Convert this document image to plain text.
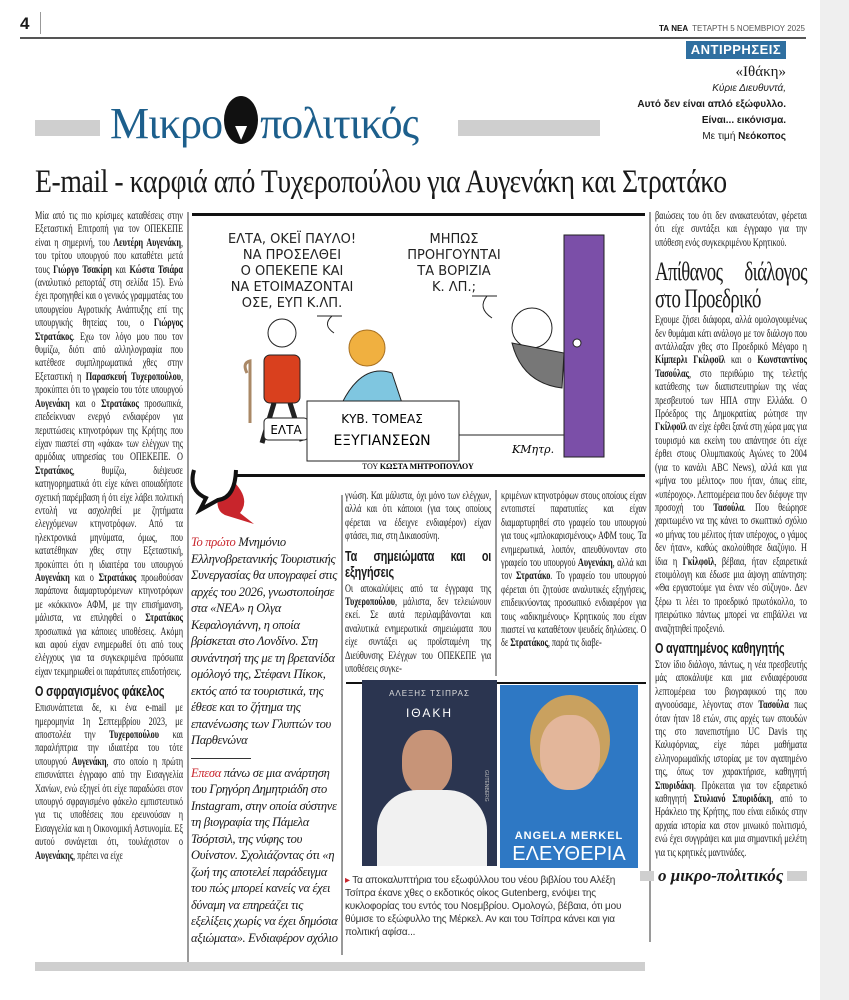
4	ΤΑ ΝΕΑ ΤΕΤΑΡΤΗ 5 ΝΟΕΜΒΡΙΟΥ 2025
ΑΝΤΙΡΡΗΣΕΙΣ
«Ιθάκη»
Κύριε Διευθυντά,
Αυτό δεν είναι απλό εξώφυλλο.
Είναι... εικόνισμα.
Με τιμή Νεόκοπος
Μικρο πολιτικός
E-mail - καρφιά από Τυχεροπούλου για Αυγενάκη και Στρατάκο

Μία από τις πιο κρίσιμες καταθέσεις στην Εξεταστική Επιτροπή για τον ΟΠΕΚΕΠΕ είναι η σημερινή, του Λευτέρη Αυγενάκη, του τρίτου υπουργού που καταθέτει μετά τους Γιώργο Τσακίρη και Κώστα Τσιάρα (αναλυτικό ρεπορτάζ στη σελίδα 15). Ενώ έχει προηγηθεί και ο γενικός γραμματέας του υπουργείου Αγροτικής Ανάπτυξης επί της υπουργικής θητείας του, ο Γιώργος Στρατάκος. Εχω τον λόγο μου που τον θυμίζω, διότι από αλληλογραφία που κατέθεσε συμπληρωματικά χθες στην Εξεταστική η Παρασκευή Τυχεροπούλου, προκύπτει ότι το γραφείο του τότε υπουργού Αυγενάκη και ο Στρατάκος προσωπικά, επεδείκνυαν ενεργό ενδιαφέρον για περιπτώσεις κτηνοτρόφων της Κρήτης που είχαν πιαστεί στη «φάκα» των ελέγχων της αρμόδιας υπηρεσίας του ΟΠΕΚΕΠΕ. Ο Στρατάκος, θυμίζω, διέψευσε κατηγορηματικά ότι είχε κάνει οποιαδήποτε σχετική παρέμβαση ή ότι είχε λάβει πολιτική εντολή να ασχοληθεί με ζητήματα ελεγχόμενων κτηνοτρόφων. Από τα ηλεκτρονικά μηνύματα, όμως, που κατατέθηκαν χθες στην Εξεταστική, προκύπτει ότι η ιδιαιτέρα του υπουργού Αυγενάκη και ο Στρατάκος προωθούσαν παράπονα διαμαρτυρόμενων κτηνοτρόφων με «κόκκινο» ΑΦΜ, με την επισήμανση, μάλιστα, να επιληφθεί ο Στρατάκος προσωπικά για κάποιες υποθέσεις. Ακόμη και αφού είχαν ενημερωθεί ότι από τους ελέγχους για τα συγκεκριμένα πρόσωπα είχαν τεκμηριωθεί οι παράτυπες επιδοτήσεις.

Ο σφραγισμένος φάκελος

Επισυνάπτεται δε, κι ένα e-mail με ημερομηνία 1η Σεπτεμβρίου 2023, με αποστολέα την Τυχεροπούλου και παραλήπτρια την ιδιαιτέρα του τότε υπουργού Αυγενάκη, στο οποίο η πρώτη επισυνάπτει έγγραφο από την Εισαγγελία Χανίων, ενώ εξηγεί ότι είχε παραδώσει στον υπουργό σφραγισμένο φάκελο εμπιστευτικό για τις υποθέσεις που ερευνούσαν η Εισαγγελία και η Οικονομική Αστυνομία. Εξ αυτού συνάγεται ότι, τουλάχιστον ο Αυγενάκης, πρέπει να είχε

ΕΛΤΑ, ΟΚΕΪ ΠΑΥΛΟ!
ΝΑ ΠΡΟΣΕΛΘΕΙ
Ο ΟΠΕΚΕΠΕ ΚΑΙ
ΝΑ ΕΤΟΙΜΑΖΟΝΤΑΙ
ΟΣΕ, ΕΥΠ Κ.ΛΠ.
ΜΗΠΩΣ
ΠΡΟΗΓΟΥΝΤΑΙ
ΤΑ ΒΟΡΙΖΙΑ
Κ. ΛΠ.;
ΕΛΤΑ
ΚΥΒ. ΤΟΜΕΑΣ
ΕΞΥΓΙΑΝΣΕΩΝ
ΚΜητρ.
ΤΟΥ ΚΩΣΤΑ ΜΗΤΡΟΠΟΥΛΟΥ
Το πρώτο Μνημόνιο Ελληνοβρετανικής Τουριστικής Συνεργασίας θα υπογραφεί στις αρχές του 2026, γνωστοποίησε στα «ΝΕΑ» η Ολγα Κεφαλογιάννη, η οποία βρίσκεται στο Λονδίνο. Στη συνάντησή της με τη βρετανίδα ομόλογό της, Στέφανι Πίκοκ, εκτός από τα τουριστικά, της έθεσε και το ζήτημα της επανένωσης των Γλυπτών του Παρθενώνα
Επεσα πάνω σε μια ανάρτηση του Γρηγόρη Δημητριάδη στο Instagram, στην οποία σύστηνε τη βιογραφία της Πάμελα Τσόρτσιλ, της νύφης του Ουίνστον. Σχολιάζοντας ότι «η ζωή της αποτελεί παράδειγμα του πώς μπορεί κανείς να έχει δύναμη να επηρεάζει τις εξελίξεις χωρίς να έχει δημόσια αξιώματα». Ενδιαφέρον σχόλιο

γνώση. Και μάλιστα, όχι μόνο των ελέγχων, αλλά και ότι κάποιοι (για τους οποίους φέρεται να έδειχνε ενδιαφέρον) είχαν φτάσει, πια, στη Δικαιοσύνη.

Τα σημειώματα και οι εξηγήσεις

Οι αποκαλύψεις από τα έγγραφα της Τυχεροπούλου, μάλιστα, δεν τελειώνουν εκεί. Σε αυτά περιλαμβάνονται και αναλυτικά ενημερωτικά σημειώματα που είχε συντάξει ως προϊσταμένη της Διεύθυνσης Ελέγχων του ΟΠΕΚΕΠΕ για υποθέσεις συγκε-

κριμένων κτηνοτρόφων στους οποίους είχαν εντοπιστεί παρατυπίες και είχαν διαμαρτυρηθεί στο γραφείο του υπουργού για τους «μπλοκαρισμένους» ΑΦΜ τους. Τα ενημερωτικά, λοιπόν, απευθύνονταν στο γραφείο του υπουργού Αυγενάκη, αλλά και τον Στρατάκο. Το γραφείο του υπουργού φέρεται ότι ζητούσε αναλυτικές εξηγήσεις, επιδεικνύοντας προσωπικό ενδιαφέρον για τους «αδικημένους» Κρητικούς που είχαν πιαστεί να καταθέτουν ψευδείς δηλώσεις. Ο δε Στρατάκος, παρά τις διαβε-

ΑΛΕΞΗΣ ΤΣΙΠΡΑΣ
ΙΘΑΚΗ
GUTENBERG
ANGELA MERKEL
ΕΛΕΥΘΕΡΙΑ
▸ Τα αποκαλυπτήρια του εξωφύλλου του νέου βιβλίου του Αλέξη Τσίπρα έκανε χθες ο εκδοτικός οίκος Gutenberg, ενόψει της κυκλοφορίας του εντός του Νοεμβρίου. Ομολογώ, βέβαια, ότι μου θύμισε το εξώφυλλο της Μέρκελ. Αν και του Τσίπρα κάνει και για πολιτική αφίσα...

βαιώσεις του ότι δεν ανακατευόταν, φέρεται ότι είχε συντάξει και έγγραφο για την υπόθεση ενός συγκεκριμένου Κρητικού.

Απίθανος διάλογος στο Προεδρικό

Εχουμε ζήσει διάφορα, αλλά ομολογουμένως δεν θυμάμαι κάτι ανάλογο με τον διάλογο που αντάλλαξαν χθες στο Προεδρικό Μέγαρο η Κίμπερλι Γκίλφοϊλ και ο Κωνσταντίνος Τασούλας, στο περιθώριο της τελετής κατάθεσης των διαπιστευτηρίων της νέας πρεσβευτού των ΗΠΑ στην Ελλάδα. Ο Πρόεδρος της Δημοκρατίας ρώτησε την Γκίλφοϊλ αν είχε έρθει ξανά στη χώρα μας για τουρισμό και εκείνη του απάντησε ότι είχε έρθει στους Ολυμπιακούς Αγώνες το 2004 (για το κανάλι ABC News), αλλά και για «μήνα του μέλιτος» που ήταν, όπως είπε, «υπέροχος». Λεπτομέρεια που δεν διέφυγε την προσοχή του Τασούλα. Που θεώρησε χαριτωμένο να της κάνει το σκωπτικό σχόλιο «ο μήνας του μέλιτος ήταν υπέροχος, ο γάμος δεν ήταν», καθώς ακολούθησε διαζύγιο. Η ίδια η Γκίλφοϊλ, βέβαια, ήταν εξαιρετικά ετοιμόλογη και έδωσε μια άψογη απάντηση: «Θα εργαστούμε για έναν νέο σύζυγο». Δεν ξέρω τι λέει το προεδρικό πρωτόκολλο, το ηπειρώτικο πάντως μπορεί να επιβάλλει να αναζητηθεί προξενιό.

Ο αγαπημένος καθηγητής

Στον ίδιο διάλογο, πάντως, η νέα πρεσβευτής μάς αποκάλυψε και μια ενδιαφέρουσα λεπτομέρεια του βιογραφικού της που αγνοούσαμε, λέγοντας στον Τασούλα πως όταν ήταν 18 ετών, στις αρχές των σπουδών της στο πανεπιστήμιο UC Davis της Καλιφόρνιας, είχε πάρει μαθήματα ελληνορωμαϊκής ιστορίας με τον αγαπημένο της, όπως τον χαρακτήρισε, καθηγητή Σπυριδάκη. Πρόκειται για τον εξαιρετικό καθηγητή Στυλιανό Σπυριδάκη, από το Ηράκλειο της Κρήτης, που είναι ειδικός στην αρχαία ιστορία και στον μινωικό πολιτισμό, ενώ έχει συγγράψει και μια σημαντική μελέτη για τις κρητικές μαντινάδες.

ο μικρο-πολιτικός
